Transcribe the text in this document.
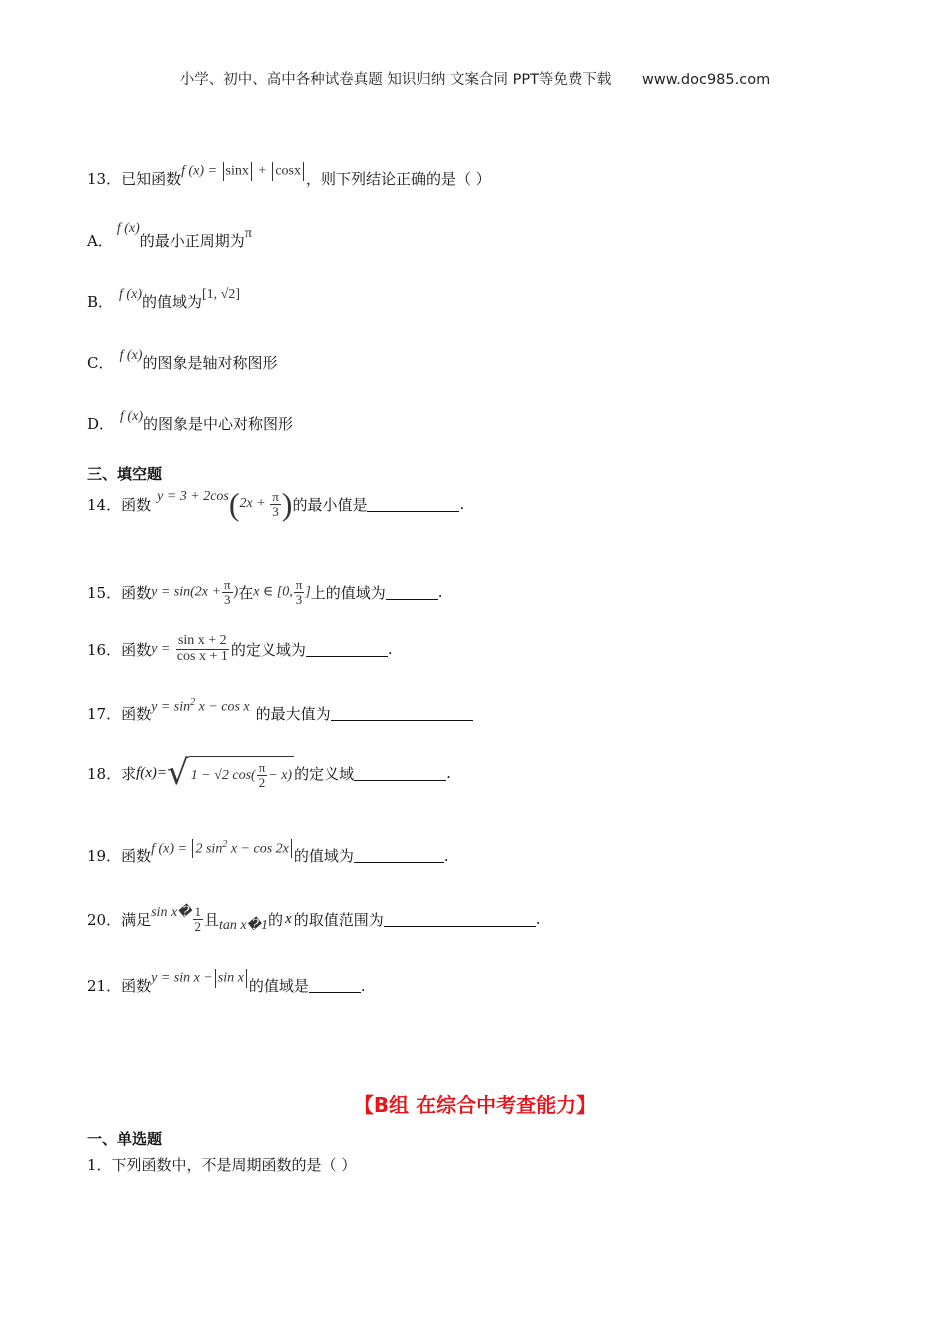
小学、初中、高中各种试卷真题 知识归纳 文案合同 PPT等免费下载 www.doc985.com
13． 已知函数 f (x) = sinx + cosx ，则下列结论正确的是（ ）
A．
f (x)
的最小正周期为 π
B． f (x) 的值域为 [1, √2]
C． f (x) 的图象是轴对称图形
D． f (x) 的图象是中心对称图形
三、填空题
14． 函数 $y = 3 + 2\cos(2x + \frac{\pi}{3}$ ) 的最小值是	.
15． 函数 $y = \sin(2x + \frac{\pi}{3}$ ) 在 x ∈ [0, $\frac{\pi}{3}$ ] 上的值域为	.
16． 函数 $y = \frac{\text{sin x + 2}}{\text{cos x + 1}}$ 的定义域为	.
17． 函数 $y = \sin^2 x - \cos x$ 的最大值为
18． 求 f(x)= √ 1 − √2 $\cos( \frac{\pi}{2} - x)$ 的定义域	.
19． 函数 f (x) = 2 $\sin^2 x - \cos 2x$ 的值域为	.
20． 满足 sin x� $\frac{1}{2}$ 且 tan x�1 的 x 的取值范围为	.
21． 函数 y = sin x − sin x 的值域是	.
【B组 在综合中考查能力】
一、单选题
1． 下列函数中，不是周期函数的是（ ）
